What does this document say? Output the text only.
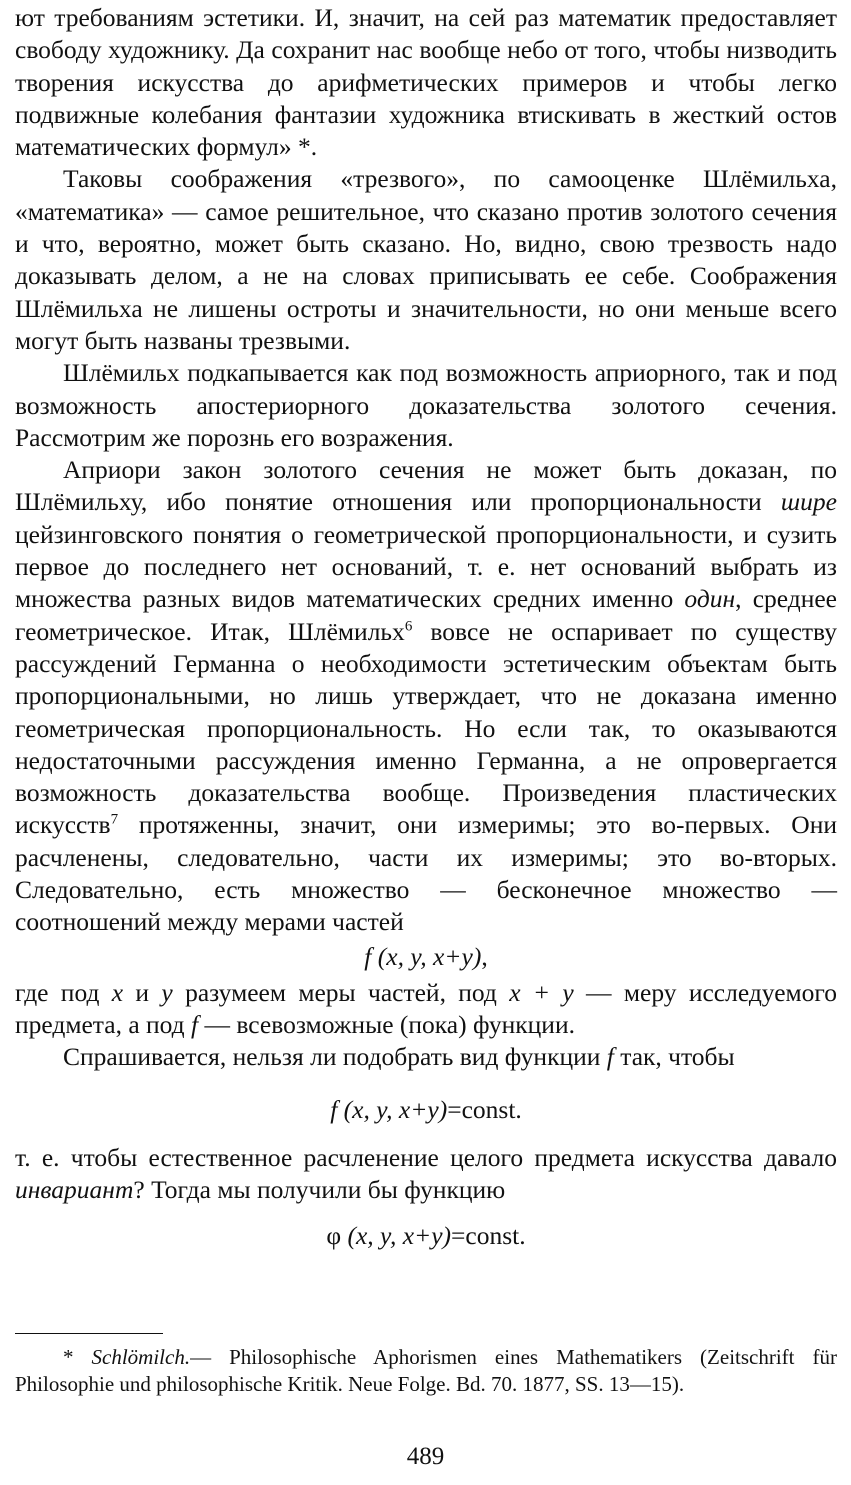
ют требованиям эстетики. И, значит, на сей раз математик предоставляет свободу художнику. Да сохранит нас вообще небо от того, чтобы низводить творения искусства до арифметических примеров и чтобы легко подвижные колебания фантазии художника втискивать в жесткий остов математических формул» *.

Таковы соображения «трезвого», по самооценке Шлёмильха, «математика» — самое решительное, что сказано против золотого сечения и что, вероятно, может быть сказано. Но, видно, свою трезвость надо доказывать делом, а не на словах приписывать ее себе. Соображения Шлёмильха не лишены остроты и значительности, но они меньше всего могут быть названы трезвыми.

Шлёмильх подкапывается как под возможность априорного, так и под возможность апостериорного доказательства золотого сечения. Рассмотрим же порознь его возражения.

Априори закон золотого сечения не может быть доказан, по Шлёмильху, ибо понятие отношения или пропорциональности шире цейзинговского понятия о геометрической пропорциональности, и сузить первое до последнего нет оснований, т. е. нет оснований выбрать из множества разных видов математических средних именно один, среднее геометрическое. Итак, Шлёмильх$^6$ вовсе не оспаривает по существу рассуждений Германна о необходимости эстетическим объектам быть пропорциональными, но лишь утверждает, что не доказана именно геометрическая пропорциональность. Но если так, то оказываются недостаточными рассуждения именно Германна, а не опровергается возможность доказательства вообще. Произведения пластических искусств$^7$ протяженны, значит, они измеримы; это во-первых. Они расчленены, следовательно, части их измеримы; это во-вторых. Следовательно, есть множество — бесконечное множество — соотношений между мерами частей

f (x, y, x+y),

где под x и y разумеем меры частей, под x + y — меру исследуемого предмета, а под f — всевозможные (пока) функции.

Спрашивается, нельзя ли подобрать вид функции f так, чтобы

f (x, y, x+y)=const.

т. е. чтобы естественное расчленение целого предмета искусства давало инвариант? Тогда мы получили бы функцию

φ (x, y, x+y)=const.

* Schlömilch.— Philosophische Aphorismen eines Mathematikers (Zeitschrift für Philosophie und philosophische Kritik. Neue Folge. Bd. 70. 1877, SS. 13—15).

489
